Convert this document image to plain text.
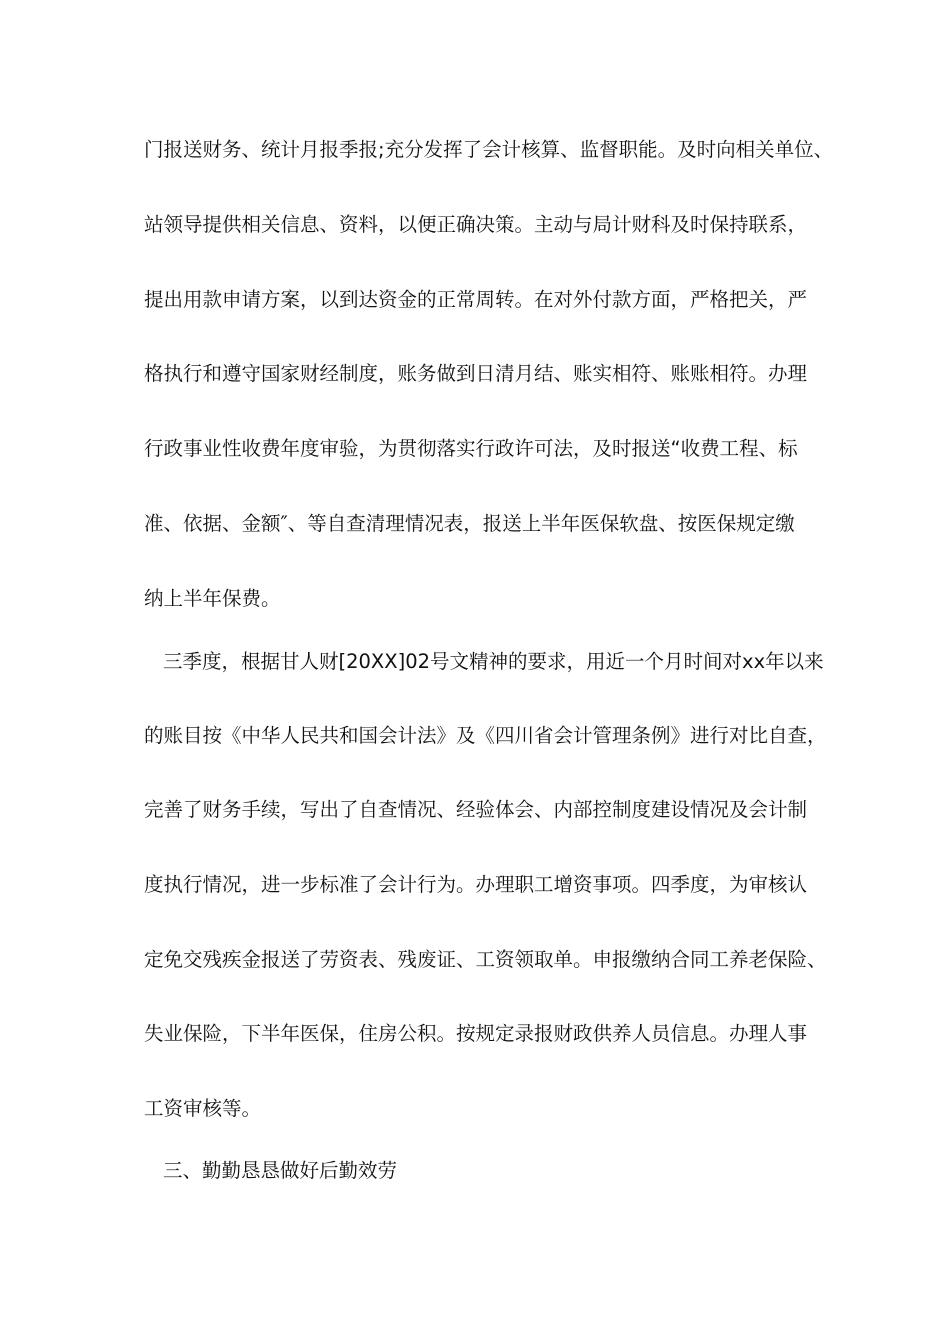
门报送财务、统计月报季报;充分发挥了会计核算、监督职能。及时向相关单位、
站领导提供相关信息、资料，以便正确决策。主动与局计财科及时保持联系，
提出用款申请方案，以到达资金的正常周转。在对外付款方面，严格把关，严
格执行和遵守国家财经制度，账务做到日清月结、账实相符、账账相符。办理
行政事业性收费年度审验，为贯彻落实行政许可法，及时报送“收费工程、标
准、依据、金额″、等自查清理情况表，报送上半年医保软盘、按医保规定缴
纳上半年保费。
三季度，根据甘人财[20XX]02号文精神的要求，用近一个月时间对xx年以来
的账目按《中华人民共和国会计法》及《四川省会计管理条例》进行对比自查，
完善了财务手续，写出了自查情况、经验体会、内部控制度建设情况及会计制
度执行情况，进一步标准了会计行为。办理职工增资事项。四季度，为审核认
定免交残疾金报送了劳资表、残废证、工资领取单。申报缴纳合同工养老保险、
失业保险，下半年医保，住房公积。按规定录报财政供养人员信息。办理人事
工资审核等。
三、勤勤恳恳做好后勤效劳
